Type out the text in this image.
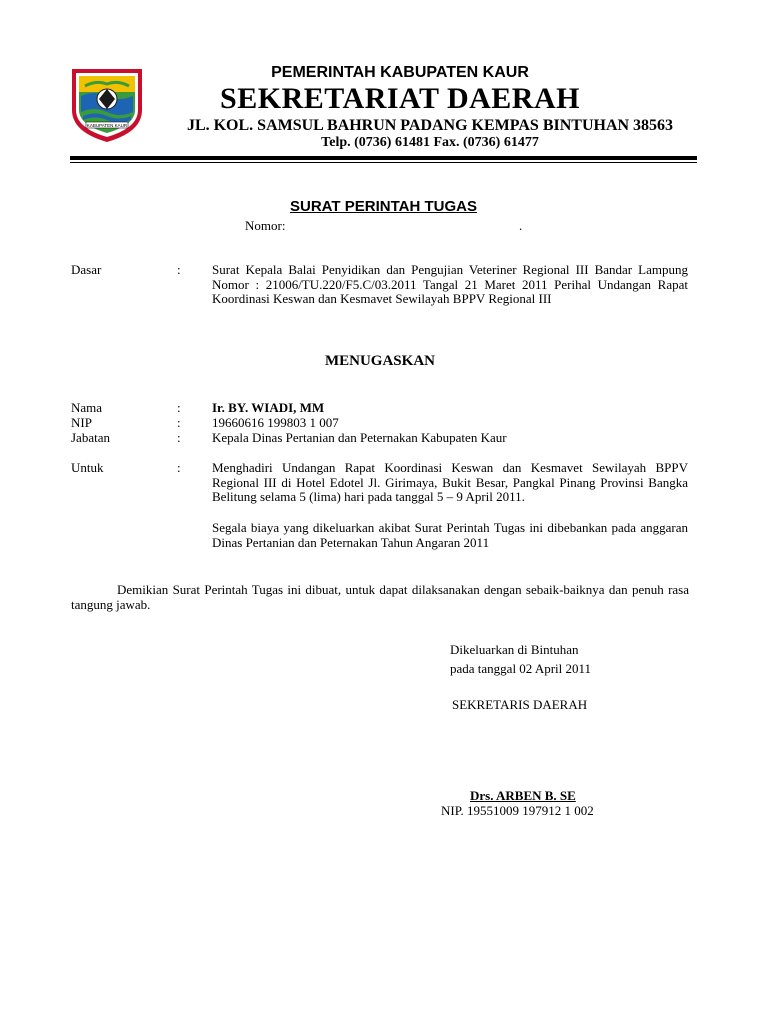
KABUPATEN KAUR
PEMERINTAH KABUPATEN KAUR
SEKRETARIAT DAERAH
JL. KOL. SAMSUL BAHRUN PADANG KEMPAS BINTUHAN 38563
Telp. (0736) 61481 Fax. (0736) 61477
SURAT PERINTAH TUGAS
Nomor:	.
Dasar	: Surat Kepala Balai Penyidikan dan Pengujian Veteriner Regional III Bandar Lampung Nomor : 21006/TU.220/F5.C/03.2011 Tangal 21 Maret 2011 Perihal Undangan Rapat Koordinasi Keswan dan Kesmavet Sewilayah BPPV Regional III
MENUGASKAN
Nama	: Ir. BY. WIADI, MM
NIP	: 19660616 199803 1 007
Jabatan	: Kepala Dinas Pertanian dan Peternakan Kabupaten Kaur
Untuk	: Menghadiri Undangan Rapat Koordinasi Keswan dan Kesmavet Sewilayah BPPV Regional III di Hotel Edotel Jl. Girimaya, Bukit Besar, Pangkal Pinang Provinsi Bangka Belitung selama 5 (lima) hari pada tanggal 5 – 9 April 2011.
Segala biaya yang dikeluarkan akibat Surat Perintah Tugas ini dibebankan pada anggaran Dinas Pertanian dan Peternakan Tahun Angaran 2011
Demikian Surat Perintah Tugas ini dibuat, untuk dapat dilaksanakan dengan sebaik-baiknya dan penuh rasa tangung jawab.
Dikeluarkan di Bintuhan
pada tanggal 02 April 2011
SEKRETARIS DAERAH
Drs. ARBEN B. SE
NIP. 19551009 197912 1 002
